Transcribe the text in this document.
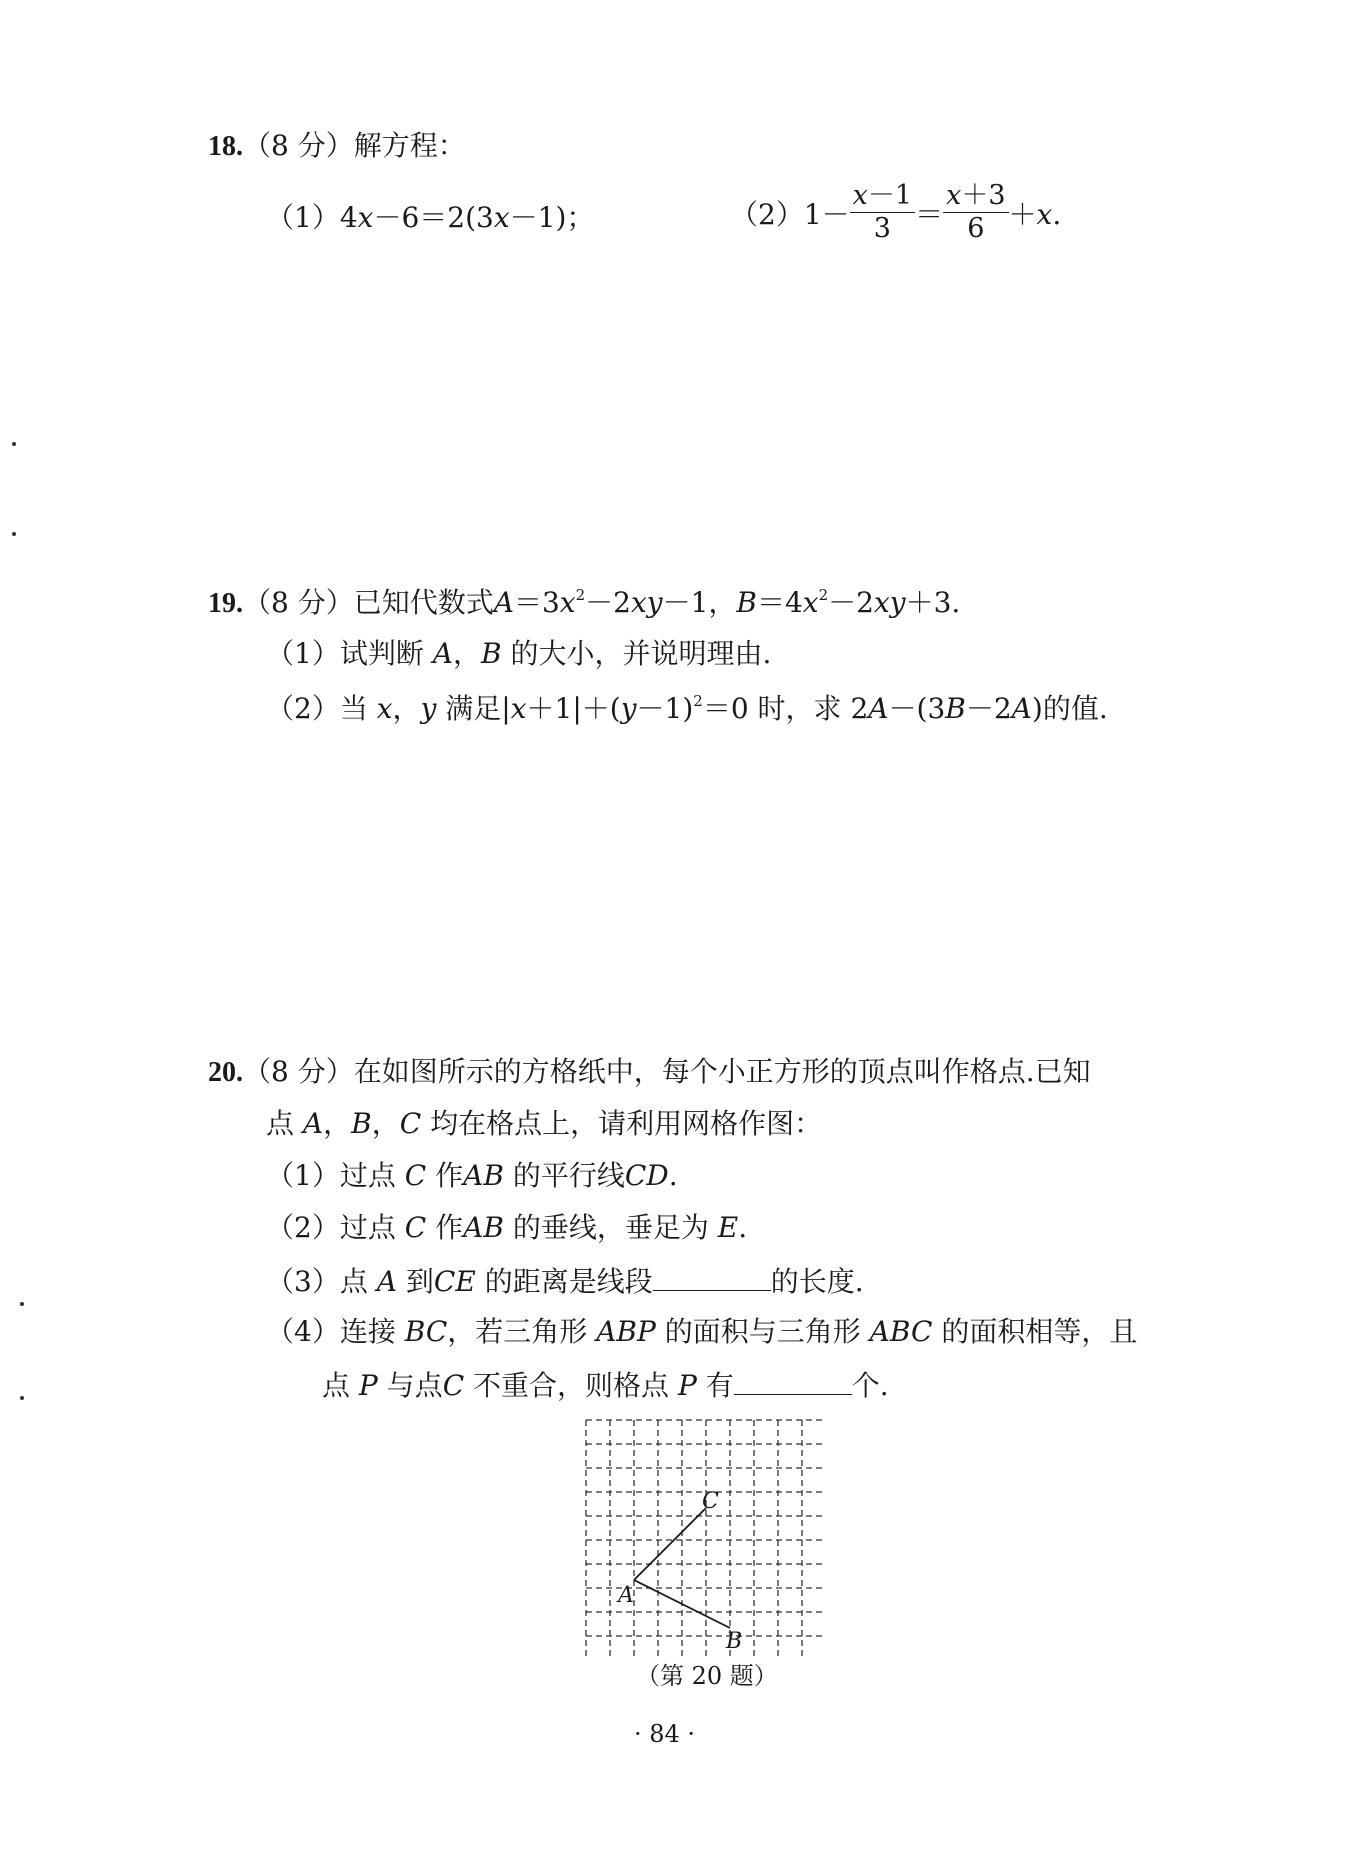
18.（8 分）解方程：
（1）4x－6＝2(3x－1)；	$(2)1- \frac{x-1}{3} = \frac{x+3}{6} +x$.
19.（8 分）已知代数式$A=3x^2-2xy-1$，$B=4x^2-2xy+3$.
（1）试判断 A，B 的大小，并说明理由.
（2）当 x，y 满足$|x+1|+(y-1)^2=0$ 时，求 2A－(3B－2A)的值.
20.（8 分）在如图所示的方格纸中，每个小正方形的顶点叫作格点.已知
点 A，B，C 均在格点上，请利用网格作图：
（1）过点 C 作AB 的平行线CD.
（2）过点 C 作AB 的垂线，垂足为 E.
（3）点 A 到CE 的距离是线段	的长度.
（4）连接 BC，若三角形 ABP 的面积与三角形 ABC 的面积相等，且
点 P 与点C 不重合，则格点 P 有	个.
A
B
C
（第 20 题）
· 84 ·
